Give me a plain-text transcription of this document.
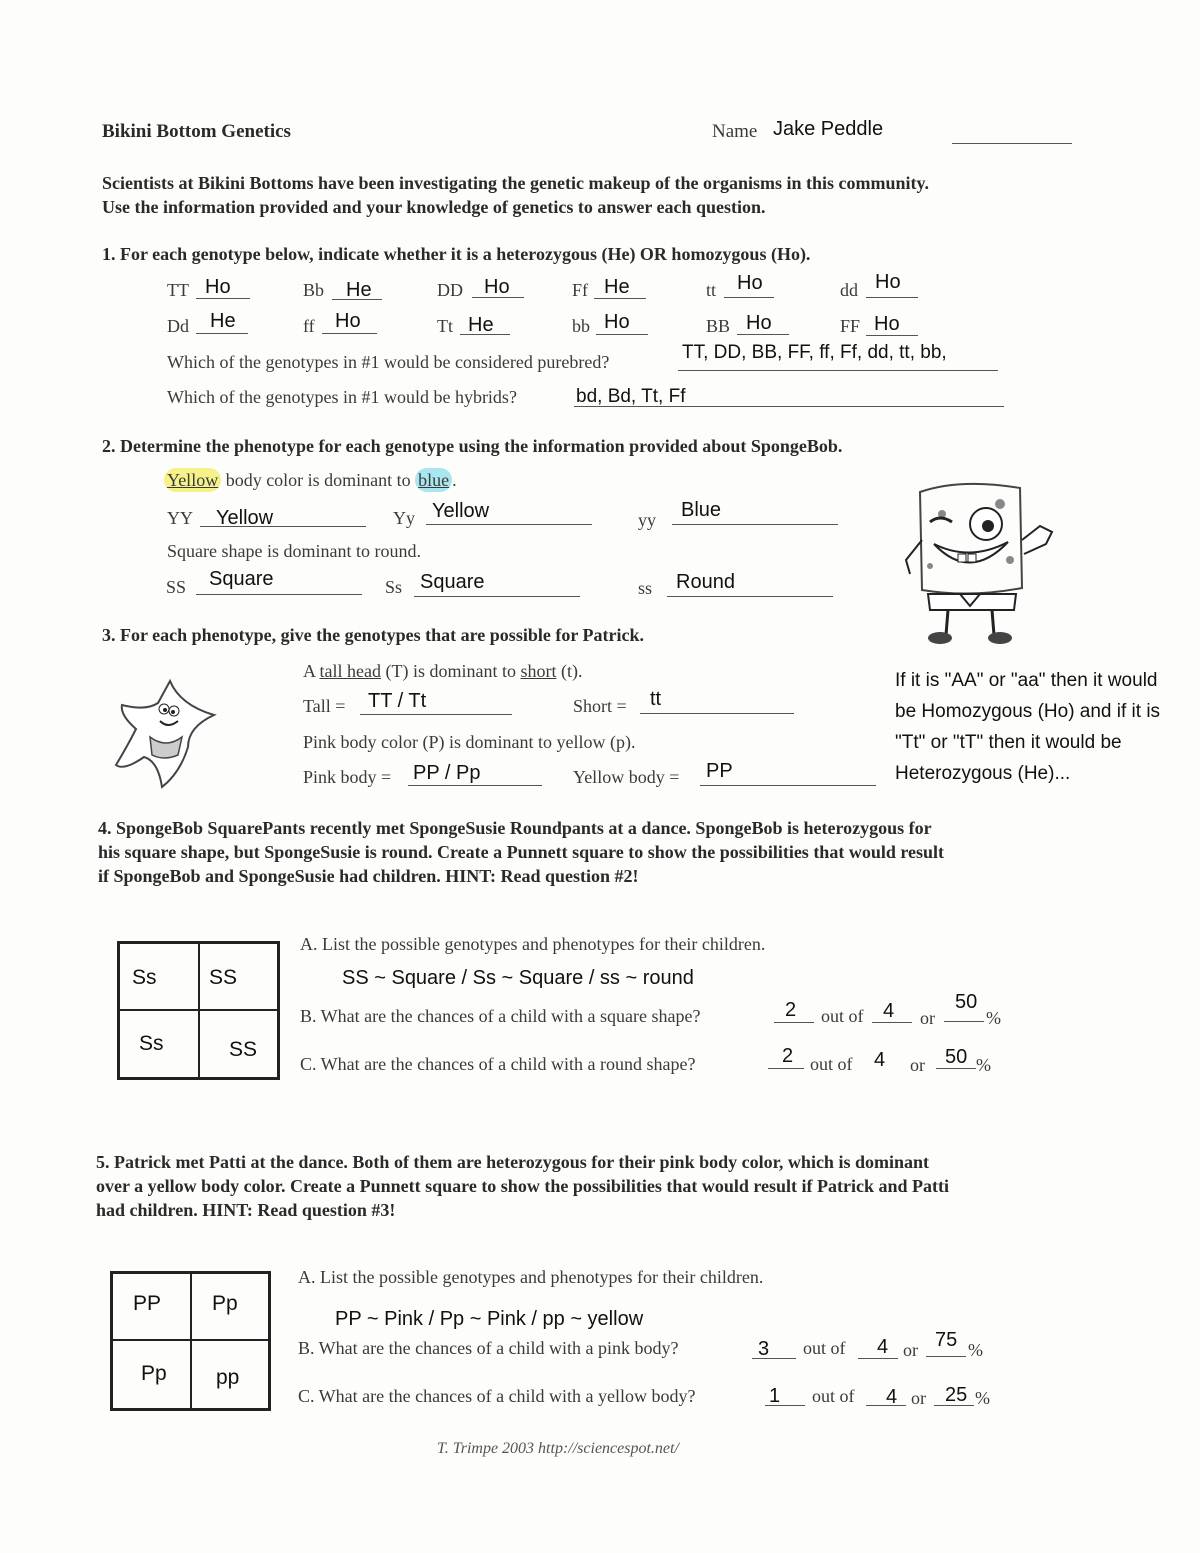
Bikini Bottom Genetics	Name Jake Peddle
Scientists at Bikini Bottoms have been investigating the genetic makeup of the organisms in this community.
Use the information provided and your knowledge of genetics to answer each question.
1. For each genotype below, indicate whether it is a heterozygous (He) OR homozygous (Ho).
TT Ho	Bb He	DD Ho	Ff He	tt Ho	dd Ho
Dd He	ff Ho	Tt He	bb Ho	BB Ho	FF Ho
Which of the genotypes in #1 would be considered purebred?	TT, DD, BB, FF, ff, Ff, dd, tt, bb,
Which of the genotypes in #1 would be hybrids?	bd, Bd, Tt, Ff
2. Determine the phenotype for each genotype using the information provided about SpongeBob.
Yellow body color is dominant to blue .
YY Yellow	Yy Yellow	yy Blue
Square shape is dominant to round.
SS Square	Ss Square	ss Round
3. For each phenotype, give the genotypes that are possible for Patrick.
A tall head (T) is dominant to short (t).
Tall = TT / Tt	Short = tt
Pink body color (P) is dominant to yellow (p).
Pink body = PP / Pp	Yellow body = PP
If it is "AA" or "aa" then it would
be Homozygous (Ho) and if it is
"Tt" or "tT" then it would be
Heterozygous (He)...
4. SpongeBob SquarePants recently met SpongeSusie Roundpants at a dance. SpongeBob is heterozygous for
his square shape, but SpongeSusie is round. Create a Punnett square to show the possibilities that would result
if SpongeBob and SpongeSusie had children. HINT: Read question #2!
Ss SS
Ss	SS
A. List the possible genotypes and phenotypes for their children.
SS ~ Square / Ss ~ Square / ss ~ round
B. What are the chances of a child with a square shape?	2 out of 4 or
50
%
C. What are the chances of a child with a round shape?	2 out of 4 or 50 %
5. Patrick met Patti at the dance. Both of them are heterozygous for their pink body color, which is dominant
over a yellow body color. Create a Punnett square to show the possibilities that would result if Patrick and Patti
had children. HINT: Read question #3!
PP Pp
Pp pp
A. List the possible genotypes and phenotypes for their children.
PP ~ Pink / Pp ~ Pink / pp ~ yellow
B. What are the chances of a child with a pink body?	3 out of 4 or 75 %
C. What are the chances of a child with a yellow body?	1 out of 4 or 25 %
T. Trimpe 2003 http://sciencespot.net/
